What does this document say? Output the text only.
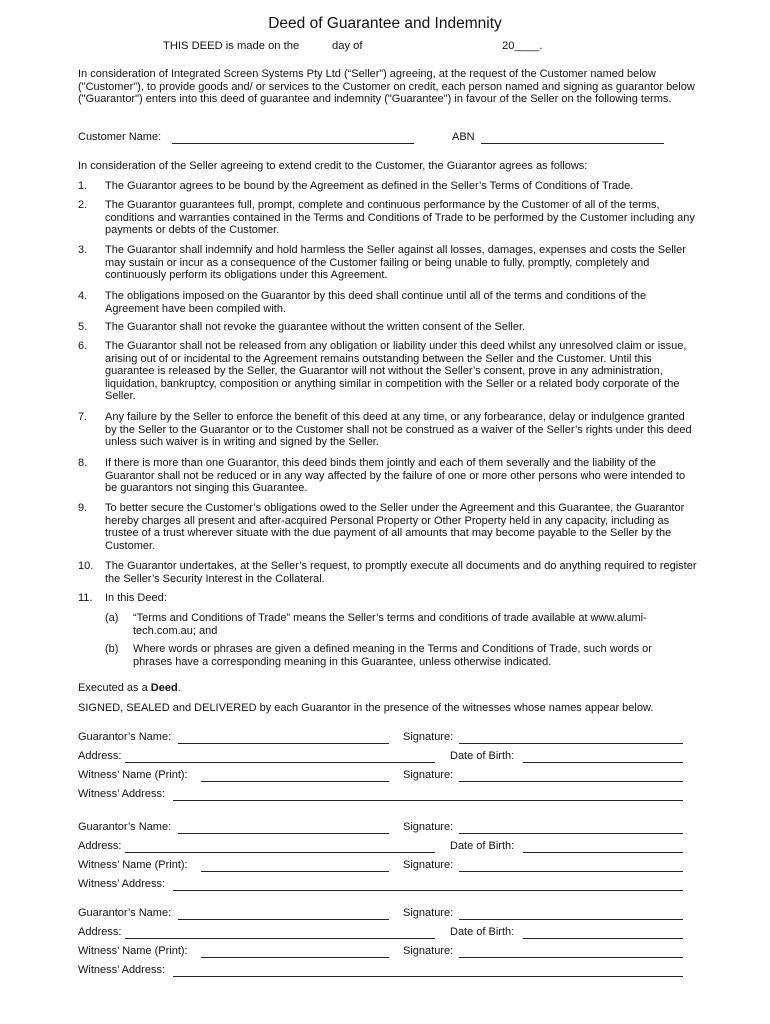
Deed of Guarantee and Indemnity
THIS DEED is made on the	day of	20____.
In consideration of Integrated Screen Systems Pty Ltd (“Seller”) agreeing, at the request of the Customer named below ("Customer"), to provide goods and/ or services to the Customer on credit, each person named and signing as guarantor below ("Guarantor") enters into this deed of guarantee and indemnity ("Guarantee") in favour of the Seller on the following terms.
Customer Name:	ABN
In consideration of the Seller agreeing to extend credit to the Customer, the Guarantor agrees as follows:
1. The Guarantor agrees to be bound by the Agreement as defined in the Seller’s Terms of Conditions of Trade.
2. The Guarantor guarantees full, prompt, complete and continuous performance by the Customer of all of the terms, conditions and warranties contained in the Terms and Conditions of Trade to be performed by the Customer including any payments or debts of the Customer.
3. The Guarantor shall indemnify and hold harmless the Seller against all losses, damages, expenses and costs the Seller may sustain or incur as a consequence of the Customer failing or being unable to fully, promptly, completely and continuously perform its obligations under this Agreement.
4. The obligations imposed on the Guarantor by this deed shall continue until all of the terms and conditions of the Agreement have been compiled with.
5. The Guarantor shall not revoke the guarantee without the written consent of the Seller.
6. The Guarantor shall not be released from any obligation or liability under this deed whilst any unresolved claim or issue, arising out of or incidental to the Agreement remains outstanding between the Seller and the Customer. Until this guarantee is released by the Seller, the Guarantor will not without the Seller’s consent, prove in any administration, liquidation, bankruptcy, composition or anything similar in competition with the Seller or a related body corporate of the Seller.
7. Any failure by the Seller to enforce the benefit of this deed at any time, or any forbearance, delay or indulgence granted by the Seller to the Guarantor or to the Customer shall not be construed as a waiver of the Seller’s rights under this deed unless such waiver is in writing and signed by the Seller.
8. If there is more than one Guarantor, this deed binds them jointly and each of them severally and the liability of the Guarantor shall not be reduced or in any way affected by the failure of one or more other persons who were intended to be guarantors not singing this Guarantee.
9. To better secure the Customer’s obligations owed to the Seller under the Agreement and this Guarantee, the Guarantor hereby charges all present and after-acquired Personal Property or Other Property held in any capacity, including as trustee of a trust wherever situate with the due payment of all amounts that may become payable to the Seller by the Customer.
10. The Guarantor undertakes, at the Seller’s request, to promptly execute all documents and do anything required to register the Seller’s Security Interest in the Collateral.
11. In this Deed:
(a) “Terms and Conditions of Trade” means the Seller’s terms and conditions of trade available at www.alumi-tech.com.au; and
(b) Where words or phrases are given a defined meaning in the Terms and Conditions of Trade, such words or phrases have a corresponding meaning in this Guarantee, unless otherwise indicated.
Executed as a Deed.
SIGNED, SEALED and DELIVERED by each Guarantor in the presence of the witnesses whose names appear below.
Guarantor’s Name:	Signature:
Address:	Date of Birth:
Witness’ Name (Print):	Signature:
Witness’ Address:
Guarantor’s Name:	Signature:
Address:	Date of Birth:
Witness’ Name (Print):	Signature:
Witness’ Address:
Guarantor’s Name:	Signature:
Address:	Date of Birth:
Witness’ Name (Print):	Signature:
Witness’ Address:
